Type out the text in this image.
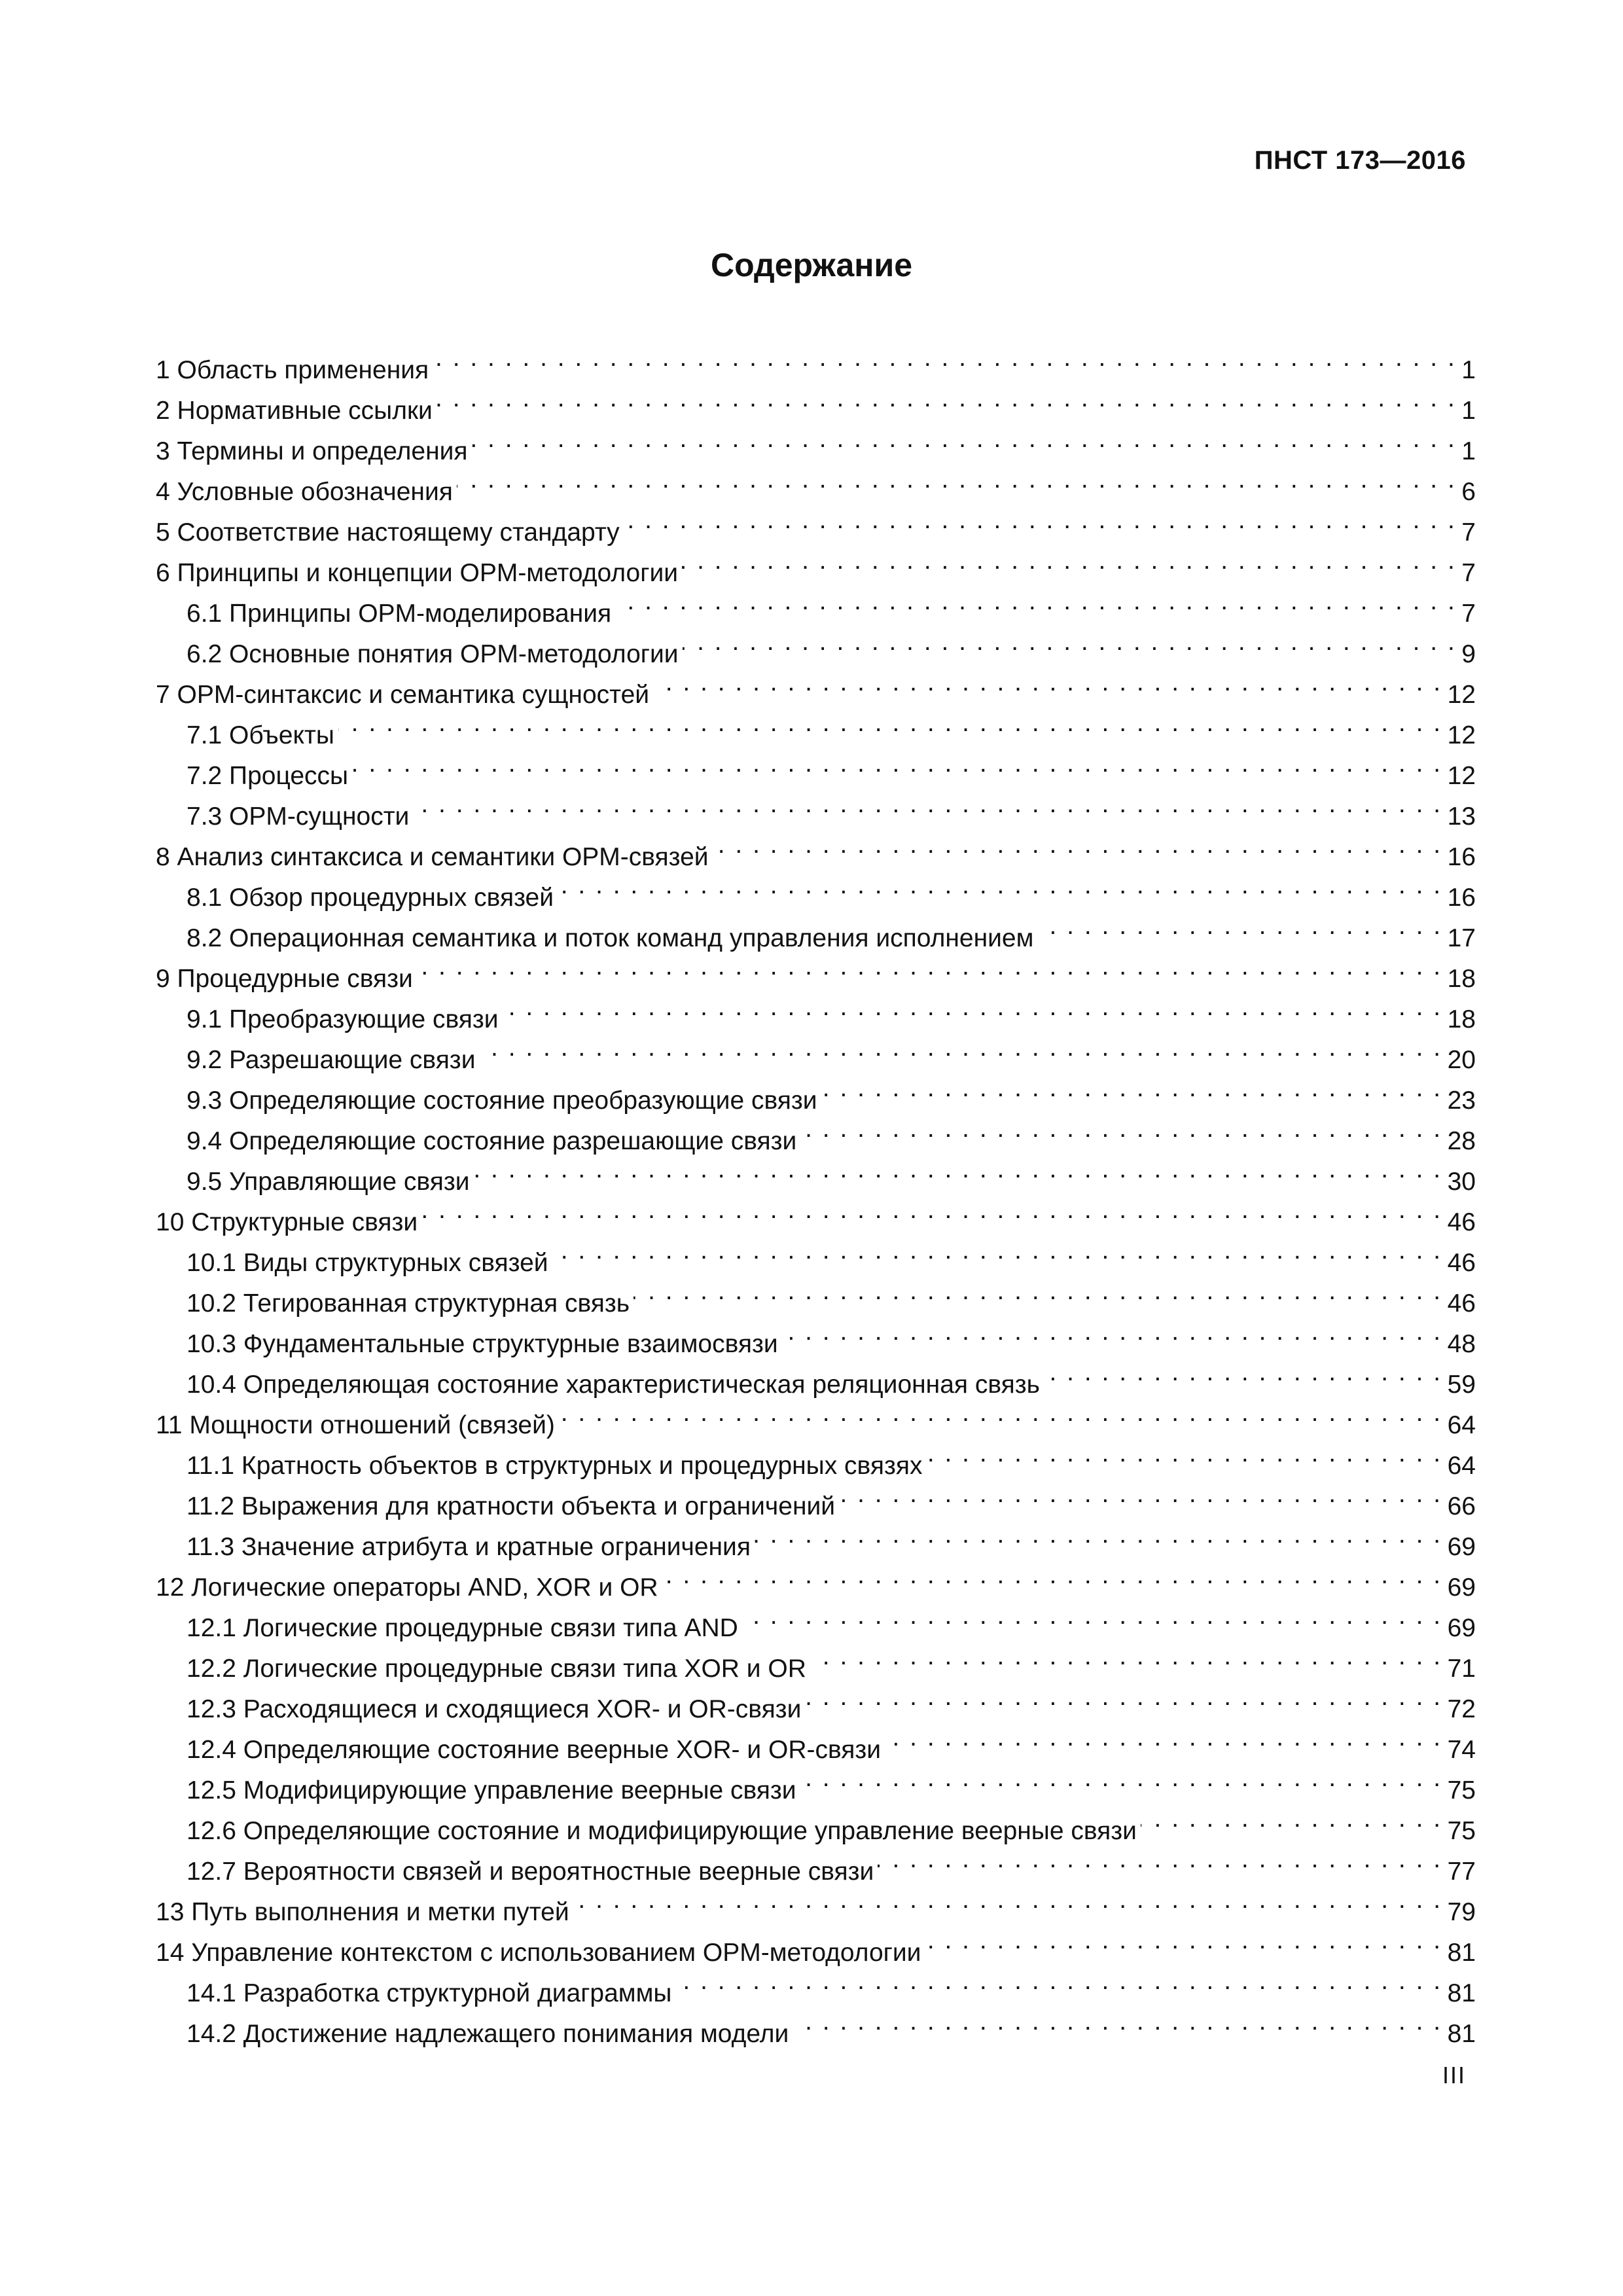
ПНСТ 173—2016
Содержание
1 Область применения . . .	1
2 Нормативные ссылки . . .	1
3 Термины и определения . . .	1
4 Условные обозначения . . .	6
5 Соответствие настоящему стандарту . . .	7
6 Принципы и концепции OPM-методологии . . .	7
6.1 Принципы OPM-моделирования . . .	7
6.2 Основные понятия OPM-методологии . . .	9
7 OPM-синтаксис и семантика сущностей . . .	12
7.1 Объекты . . .	12
7.2 Процессы . . .	12
7.3 OPM-сущности . . .	13
8 Анализ синтаксиса и семантики OPM-связей . . .	16
8.1 Обзор процедурных связей . . .	16
8.2 Операционная семантика и поток команд управления исполнением . . .	17
9 Процедурные связи . . .	18
9.1 Преобразующие связи . . .	18
9.2 Разрешающие связи . . .	20
9.3 Определяющие состояние преобразующие связи . . .	23
9.4 Определяющие состояние разрешающие связи . . .	28
9.5 Управляющие связи . . .	30
10 Структурные связи . . .	46
10.1 Виды структурных связей . . .	46
10.2 Тегированная структурная связь . . .	46
10.3 Фундаментальные структурные взаимосвязи . . .	48
10.4 Определяющая состояние характеристическая реляционная связь . . .	59
11 Мощности отношений (связей) . . .	64
11.1 Кратность объектов в структурных и процедурных связях . . .	64
11.2 Выражения для кратности объекта и ограничений . . .	66
11.3 Значение атрибута и кратные ограничения . . .	69
12 Логические операторы AND, XOR и OR . . .	69
12.1 Логические процедурные связи типа AND . . .	69
12.2 Логические процедурные связи типа XOR и OR . . .	71
12.3 Расходящиеся и сходящиеся XOR- и OR-связи . . .	72
12.4 Определяющие состояние веерные XOR- и OR-связи . . .	74
12.5 Модифицирующие управление веерные связи . . .	75
12.6 Определяющие состояние и модифицирующие управление веерные связи . . .	75
12.7 Вероятности связей и вероятностные веерные связи . . .	77
13 Путь выполнения и метки путей . . .	79
14 Управление контекстом с использованием OPM-методологии . . .	81
14.1 Разработка структурной диаграммы . . .	81
14.2 Достижение надлежащего понимания модели . . .	81
III
